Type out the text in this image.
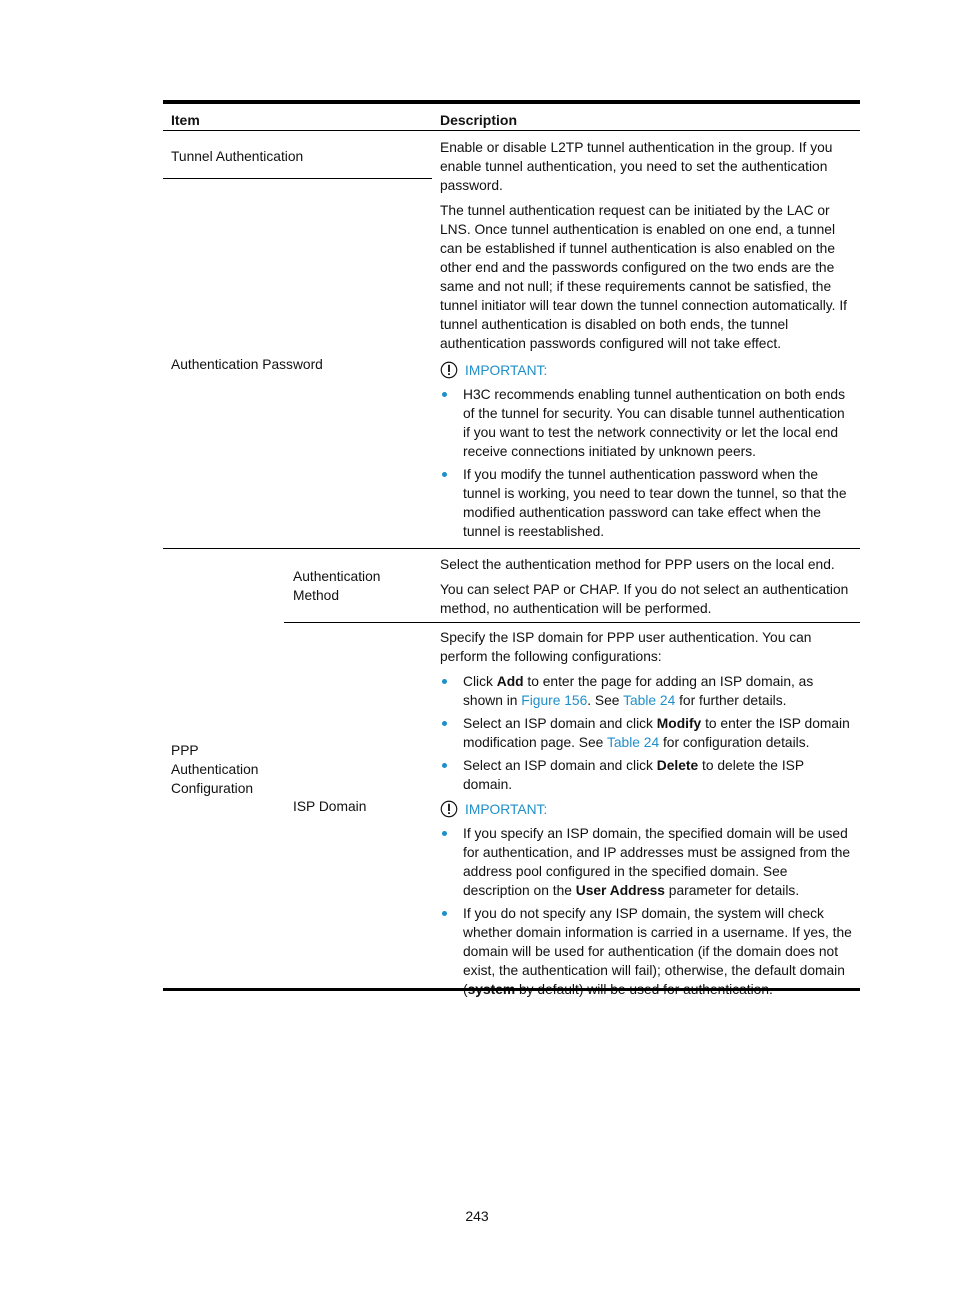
Item	Description
Tunnel Authentication

Enable or disable L2TP tunnel authentication in the group. If you enable tunnel authentication, you need to set the authentication password.

Authentication Password

The tunnel authentication request can be initiated by the LAC or LNS. Once tunnel authentication is enabled on one end, a tunnel can be established if tunnel authentication is also enabled on the other end and the passwords configured on the two ends are the same and not null; if these requirements cannot be satisfied, the tunnel initiator will tear down the tunnel connection automatically. If tunnel authentication is disabled on both ends, the tunnel authentication passwords configured will not take effect.

IMPORTANT:
H3C recommends enabling tunnel authentication on both ends of the tunnel for security. You can disable tunnel authentication if you want to test the network connectivity or let the local end receive connections initiated by unknown peers.
If you modify the tunnel authentication password when the tunnel is working, you need to tear down the tunnel, so that the modified authentication password can take effect when the tunnel is reestablished.
PPP Authentication Configuration
Authentication Method

Select the authentication method for PPP users on the local end.

You can select PAP or CHAP. If you do not select an authentication method, no authentication will be performed.

ISP Domain

Specify the ISP domain for PPP user authentication. You can perform the following configurations:

Click Add to enter the page for adding an ISP domain, as shown in Figure 156. See Table 24 for further details.
Select an ISP domain and click Modify to enter the ISP domain modification page. See Table 24 for configuration details.
Select an ISP domain and click Delete to delete the ISP domain.
IMPORTANT:
If you specify an ISP domain, the specified domain will be used for authentication, and IP addresses must be assigned from the address pool configured in the specified domain. See description on the User Address parameter for details.
If you do not specify any ISP domain, the system will check whether domain information is carried in a username. If yes, the domain will be used for authentication (if the domain does not exist, the authentication will fail); otherwise, the default domain
243
